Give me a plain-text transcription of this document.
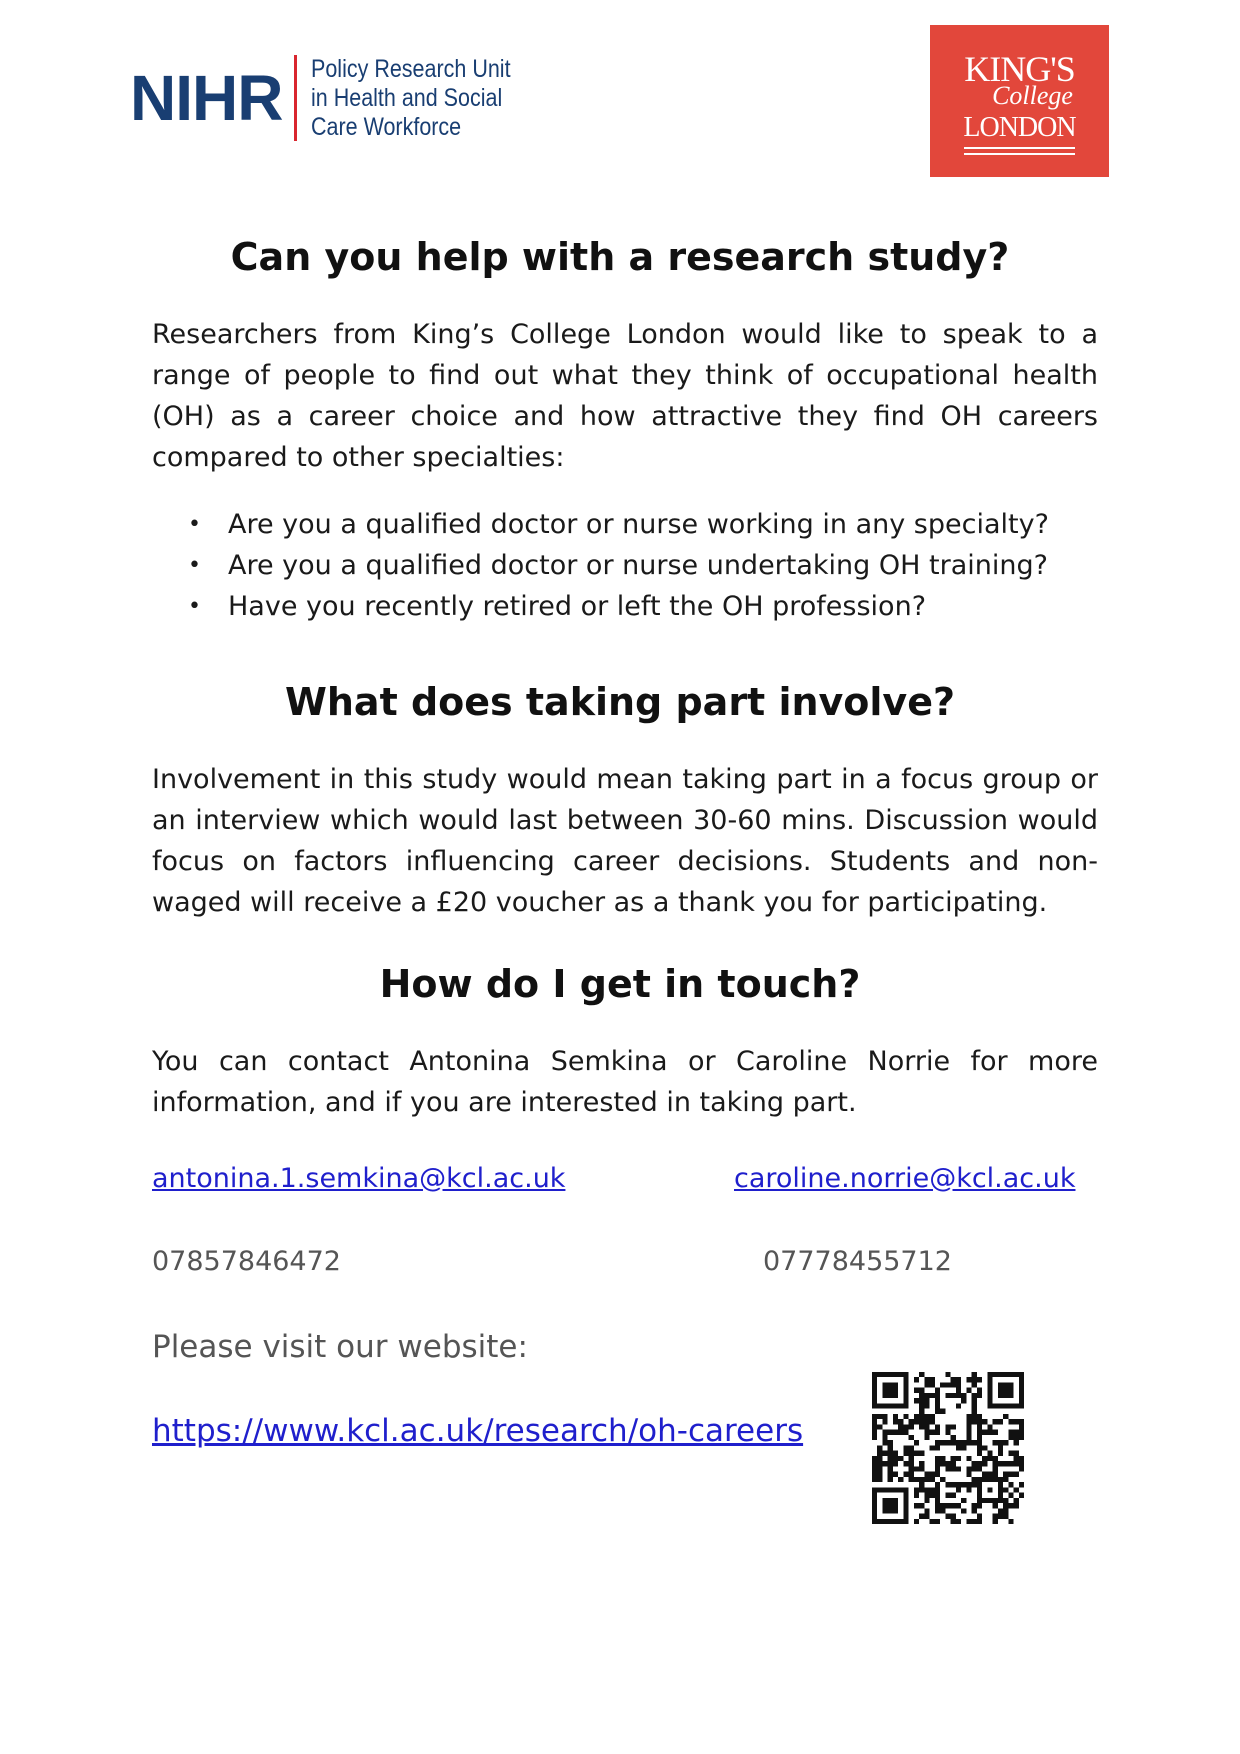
NIHR Policy Research Unit
in Health and Social
Care Workforce
KING'S
College
LONDON
Can you help with a research study?

Researchers from King’s College London would like to speak to a range of people to find out what they think of occupational health (OH) as a career choice and how attractive they find OH careers compared to other specialties:

• Are you a qualified doctor or nurse working in any specialty?
• Are you a qualified doctor or nurse undertaking OH training?
• Have you recently retired or left the OH profession?
What does taking part involve?

Involvement in this study would mean taking part in a focus group or an interview which would last between 30-60 mins. Discussion would focus on factors influencing career decisions. Students and non-waged will receive a £20 voucher as a thank you for participating.

How do I get in touch?

You can contact Antonina Semkina or Caroline Norrie for more information, and if you are interested in taking part.

antonina.1.semkina@kcl.ac.uk	caroline.norrie@kcl.ac.uk
07857846472	07778455712
Please visit our website:
https://www.kcl.ac.uk/research/oh-careers
